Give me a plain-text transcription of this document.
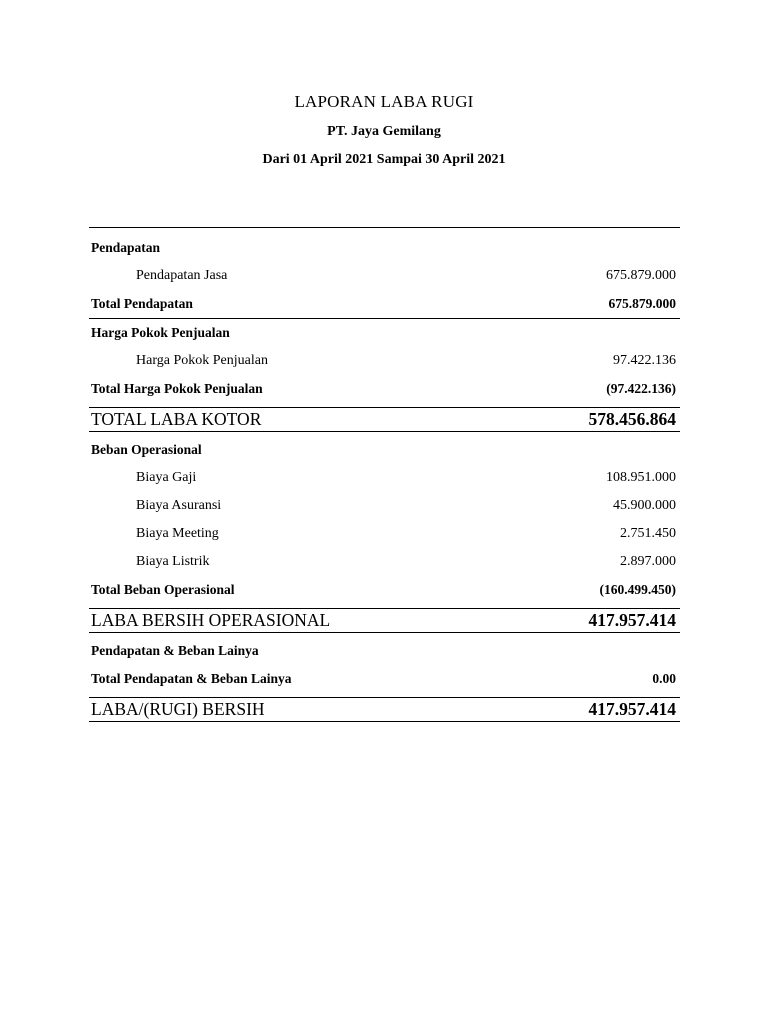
LAPORAN LABA RUGI
PT. Jaya Gemilang
Dari 01 April 2021 Sampai 30 April 2021
Pendapatan
Pendapatan Jasa	675.879.000
Total Pendapatan	675.879.000
Harga Pokok Penjualan
Harga Pokok Penjualan	97.422.136
Total Harga Pokok Penjualan	(97.422.136)
TOTAL LABA KOTOR	578.456.864
Beban Operasional
Biaya Gaji	108.951.000
Biaya Asuransi	45.900.000
Biaya Meeting	2.751.450
Biaya Listrik	2.897.000
Total Beban Operasional	(160.499.450)
LABA BERSIH OPERASIONAL	417.957.414
Pendapatan & Beban Lainya
Total Pendapatan & Beban Lainya	0.00
LABA/(RUGI) BERSIH	417.957.414
